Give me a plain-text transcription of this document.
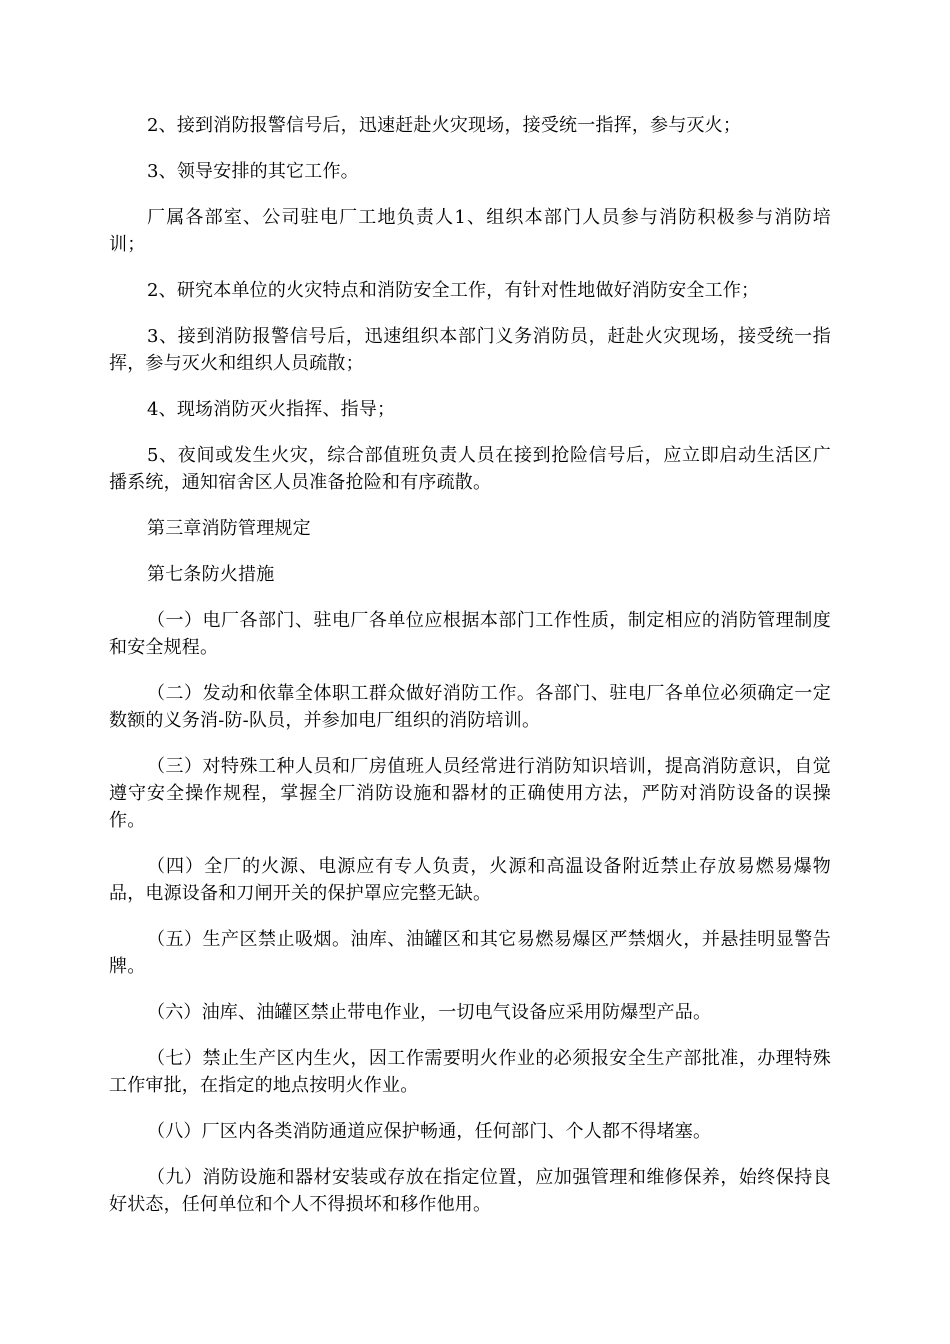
2、接到消防报警信号后，迅速赶赴火灾现场，接受统一指挥，参与灭火；

3、领导安排的其它工作。

厂属各部室、公司驻电厂工地负责人1、组织本部门人员参与消防积极参与消防培训；

2、研究本单位的火灾特点和消防安全工作，有针对性地做好消防安全工作；

3、接到消防报警信号后，迅速组织本部门义务消防员，赶赴火灾现场，接受统一指挥，参与灭火和组织人员疏散；

4、现场消防灭火指挥、指导；

5、夜间或发生火灾，综合部值班负责人员在接到抢险信号后，应立即启动生活区广播系统，通知宿舍区人员准备抢险和有序疏散。

第三章消防管理规定

第七条防火措施

（一）电厂各部门、驻电厂各单位应根据本部门工作性质，制定相应的消防管理制度和安全规程。

（二）发动和依靠全体职工群众做好消防工作。各部门、驻电厂各单位必须确定一定数额的义务消-防-队员，并参加电厂组织的消防培训。

（三）对特殊工种人员和厂房值班人员经常进行消防知识培训，提高消防意识，自觉遵守安全操作规程，掌握全厂消防设施和器材的正确使用方法，严防对消防设备的误操作。

（四）全厂的火源、电源应有专人负责，火源和高温设备附近禁止存放易燃易爆物品，电源设备和刀闸开关的保护罩应完整无缺。

（五）生产区禁止吸烟。油库、油罐区和其它易燃易爆区严禁烟火，并悬挂明显警告牌。

（六）油库、油罐区禁止带电作业，一切电气设备应采用防爆型产品。

（七）禁止生产区内生火，因工作需要明火作业的必须报安全生产部批准，办理特殊工作审批，在指定的地点按明火作业。

（八）厂区内各类消防通道应保护畅通，任何部门、个人都不得堵塞。

（九）消防设施和器材安装或存放在指定位置，应加强管理和维修保养，始终保持良好状态，任何单位和个人不得损坏和移作他用。
